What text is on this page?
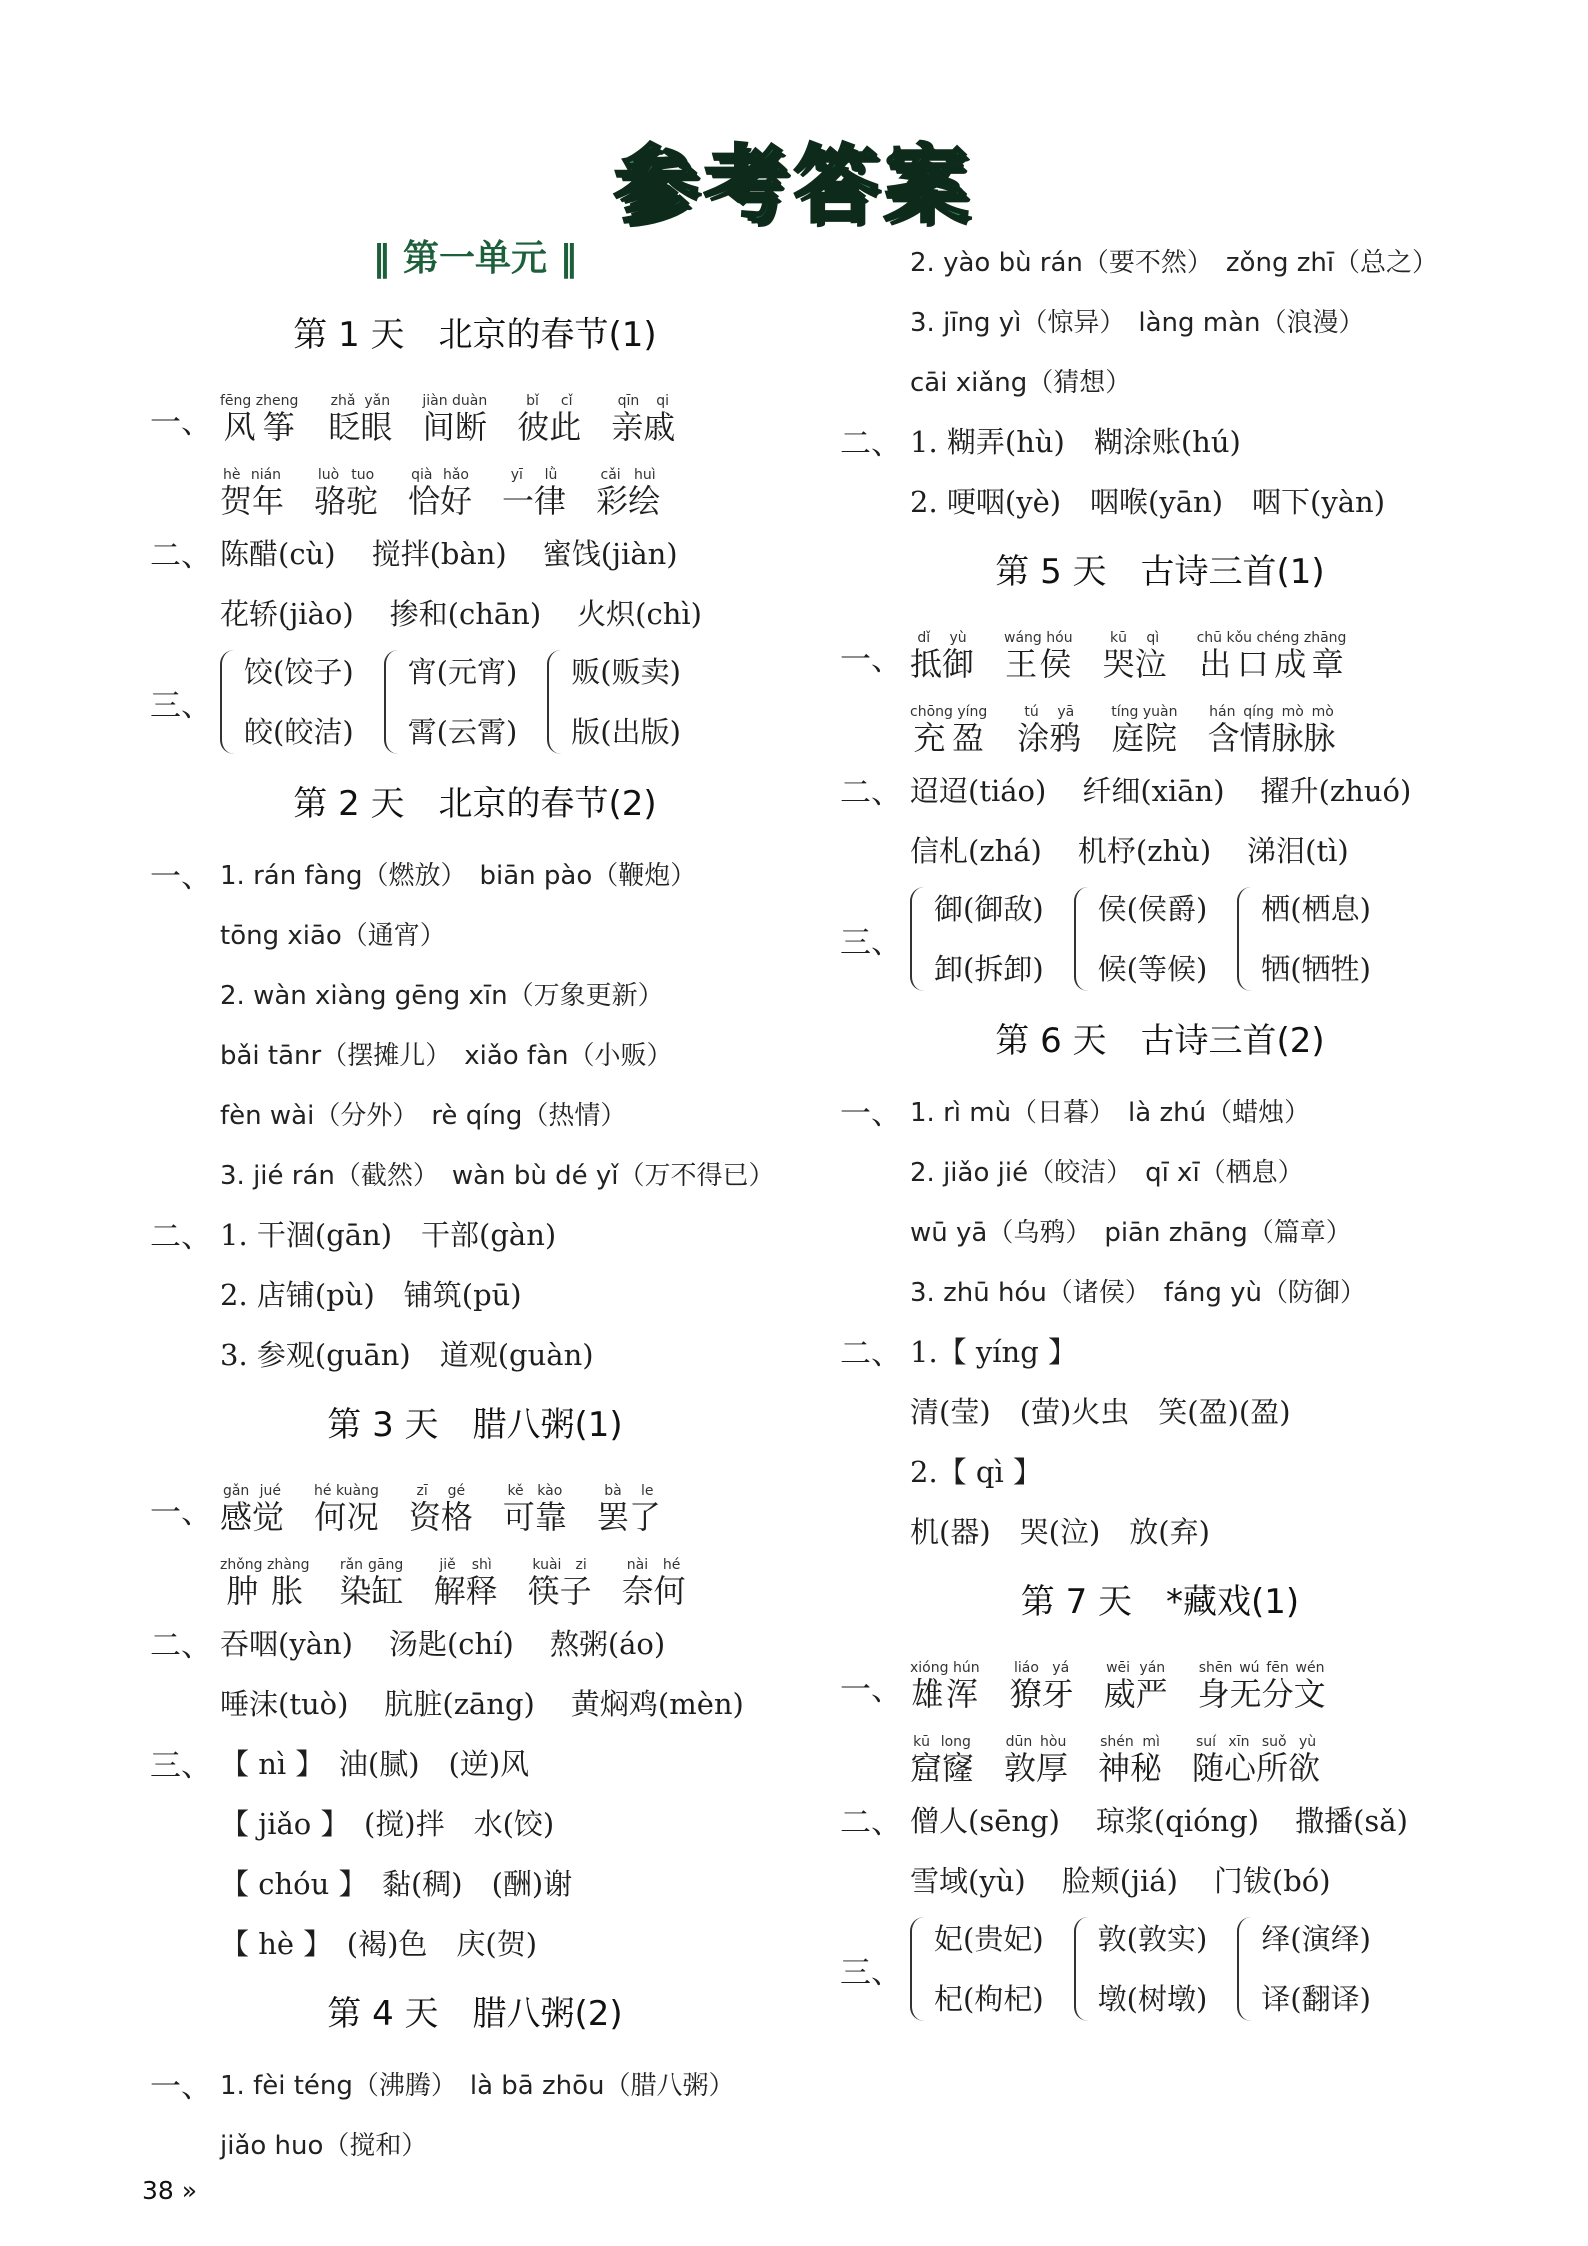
参考答案
‖ 第一单元 ‖
第 1 天　北京的春节(1)
一、 风筝fēng zheng眨眼zhǎ yǎn间断jiàn duàn彼此bǐ cǐ亲戚qīn qi
贺年hè nián骆驼luò tuo恰好qià hǎo一律yī lǜ彩绘cǎi huì
二、 陈醋(cù) 搅拌(bàn) 蜜饯(jiàn)
花轿(jiào) 掺和(chān) 火炽(chì)
三、
饺(饺子)
皎(皎洁)
宵(元宵)
霄(云霄)
贩(贩卖)
版(出版)
第 2 天　北京的春节(2)
一、 1. rán fàng（燃放）　biān pào（鞭炮）
tōng xiāo（通宵）
2. wàn xiàng gēng xīn（万象更新）
bǎi tānr（摆摊儿）　xiǎo fàn（小贩）
fèn wài（分外）　rè qíng（热情）
3. jié rán（截然）　wàn bù dé yǐ（万不得已）
二、 1. 干涸(gān)　干部(gàn)
2. 店铺(pù)　铺筑(pū)
3. 参观(guān)　道观(guàn)
第 3 天　腊八粥(1)
一、 感觉gǎn jué何况hé kuàng资格zī gé可靠kě kào罢了bà le
肿胀zhǒng zhàng染缸rǎn gāng解释jiě shì筷子kuài zi奈何nài hé
二、 吞咽(yàn) 汤匙(chí) 熬粥(áo)
唾沫(tuò) 肮脏(zāng) 黄焖鸡(mèn)
三、 【 nì 】　油(腻)　(逆)风
【 jiǎo 】　(搅)拌　水(饺)
【 chóu 】　黏(稠)　(酬)谢
【 hè 】　(褐)色　庆(贺)
第 4 天　腊八粥(2)
一、 1. fèi téng（沸腾）　là bā zhōu（腊八粥）
jiǎo huo（搅和）
2. yào bù rán（要不然）　zǒng zhī（总之）
3. jīng yì（惊异）　làng màn（浪漫）
cāi xiǎng（猜想）
二、 1. 糊弄(hù)　糊涂账(hú)
2. 哽咽(yè)　咽喉(yān)　咽下(yàn)
第 5 天　古诗三首(1)
一、 抵御dǐ yù王侯wáng hóu哭泣kū qì出口成章chū kǒu chéng zhāng
充盈chōng yíng涂鸦tú yā庭院tíng yuàn含情脉脉hán qíng mò mò
二、 迢迢(tiáo) 纤细(xiān) 擢升(zhuó)
信札(zhá) 机杼(zhù) 涕泪(tì)
三、
御(御敌)
卸(拆卸)
侯(侯爵)
候(等候)
栖(栖息)
牺(牺牲)
第 6 天　古诗三首(2)
一、 1. rì mù（日暮）　là zhú（蜡烛）
2. jiǎo jié（皎洁）　qī xī（栖息）
wū yā（乌鸦）　piān zhāng（篇章）
3. zhū hóu（诸侯）　fáng yù（防御）
二、 1.【 yíng 】
清(莹)　(萤)火虫　笑(盈)(盈)
2.【 qì 】
机(器)　哭(泣)　放(弃)
第 7 天　*藏戏(1)
一、 雄浑xióng hún獠牙liáo yá威严wēi yán身无分文shēn wú fēn wén
窟窿kū long敦厚dūn hòu神秘shén mì随心所欲suí xīn suǒ yù
二、 僧人(sēng) 琼浆(qióng) 撒播(sǎ)
雪域(yù) 脸颊(jiá) 门钹(bó)
三、
妃(贵妃)
杞(枸杞)
敦(敦实)
墩(树墩)
绎(演绎)
译(翻译)
38 »
